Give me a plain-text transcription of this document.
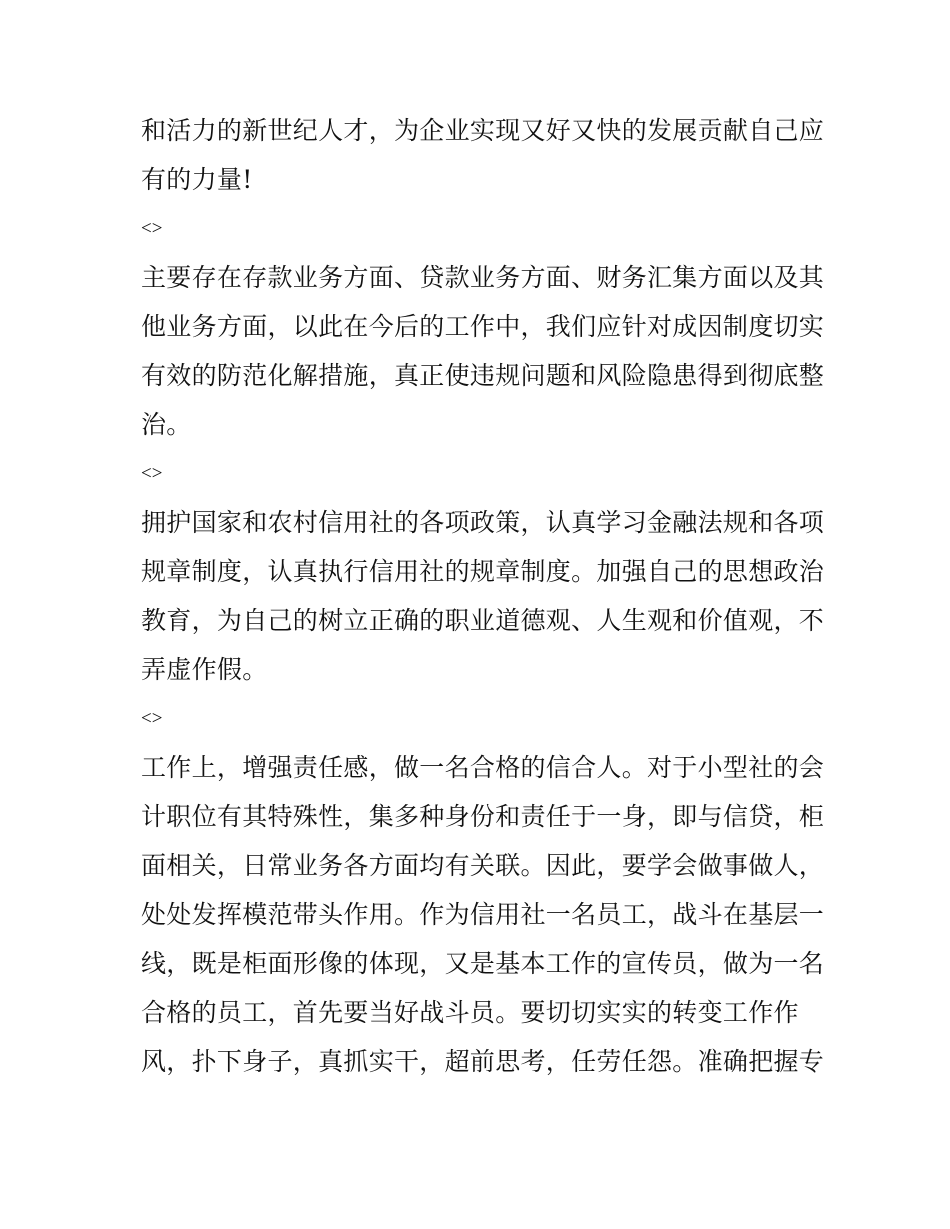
和活力的新世纪人才，为企业实现又好又快的发展贡献自己应
有的力量!
<>
主要存在存款业务方面、贷款业务方面、财务汇集方面以及其
他业务方面，以此在今后的工作中，我们应针对成因制度切实
有效的防范化解措施，真正使违规问题和风险隐患得到彻底整
治。
<>
拥护国家和农村信用社的各项政策，认真学习金融法规和各项
规章制度，认真执行信用社的规章制度。加强自己的思想政治
教育，为自己的树立正确的职业道德观、人生观和价值观，不
弄虚作假。
<>
工作上，增强责任感，做一名合格的信合人。对于小型社的会
计职位有其特殊性，集多种身份和责任于一身，即与信贷，柜
面相关，日常业务各方面均有关联。因此，要学会做事做人，
处处发挥模范带头作用。作为信用社一名员工，战斗在基层一
线，既是柜面形像的体现，又是基本工作的宣传员，做为一名
合格的员工，首先要当好战斗员。要切切实实的转变工作作
风，扑下身子，真抓实干，超前思考，任劳任怨。准确把握专
